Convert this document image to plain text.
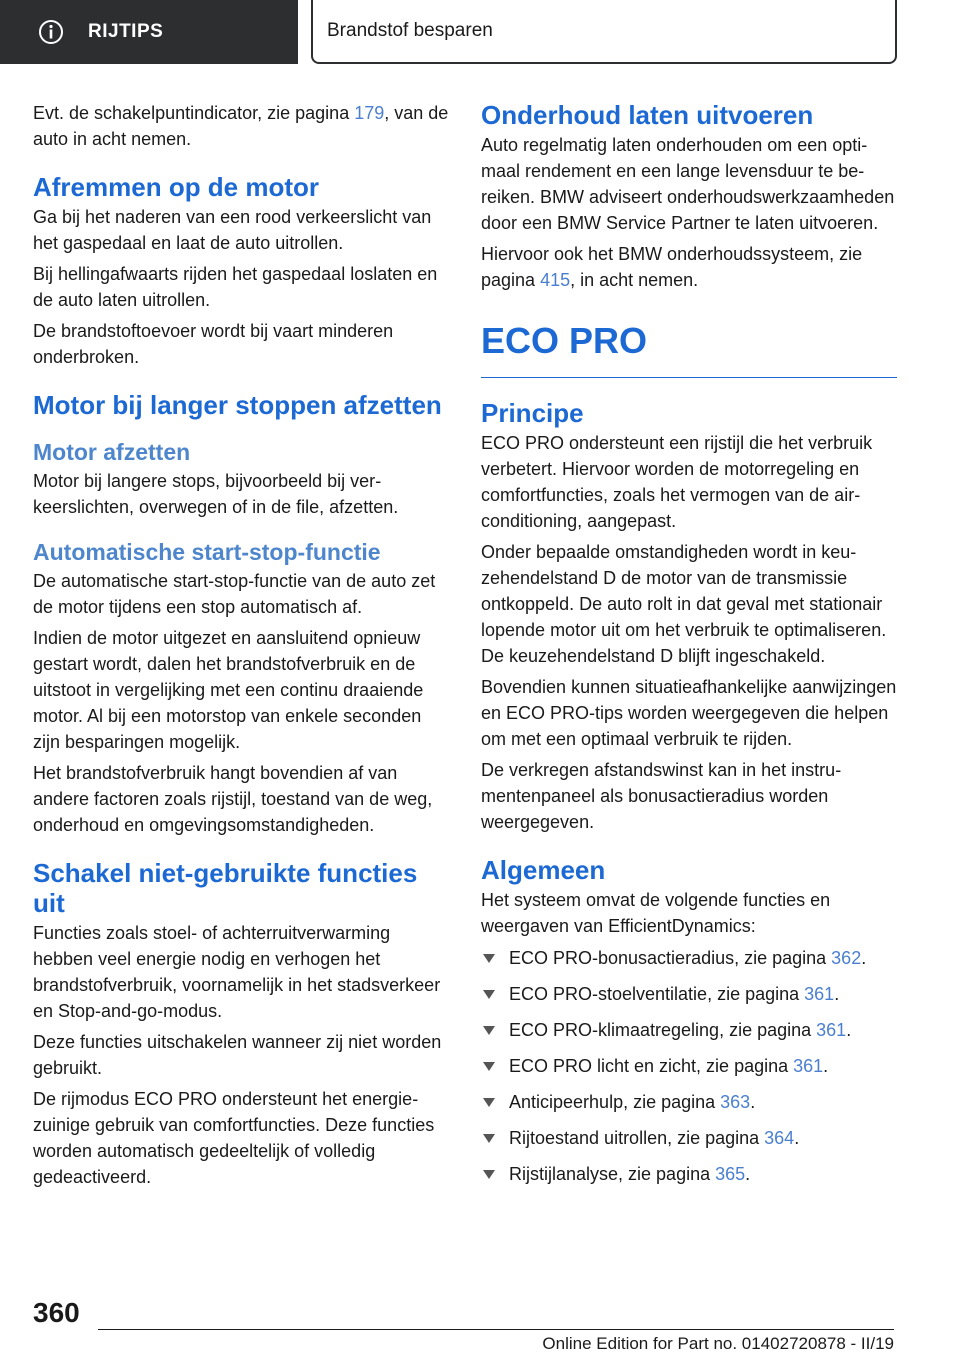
RIJTIPS	Brandstof besparen

Evt. de schakelpuntindicator, zie pagina 179, van de auto in acht nemen.

Afremmen op de motor

Ga bij het naderen van een rood verkeerslicht van het gaspedaal en laat de auto uitrollen.

Bij hellingafwaarts rijden het gaspedaal loslaten en de auto laten uitrollen.

De brandstoftoevoer wordt bij vaart minderen onderbroken.

Motor bij langer stoppen afzetten
Motor afzetten

Motor bij langere stops, bijvoorbeeld bij verkeerslichten, overwegen of in de file, afzetten.

Automatische start-stop-functie

De automatische start-stop-functie van de auto zet de motor tijdens een stop automatisch af.

Indien de motor uitgezet en aansluitend opnieuw gestart wordt, dalen het brandstofverbruik en de uitstoot in vergelijking met een continu draaiende motor. Al bij een motorstop van enkele seconden zijn besparingen mogelijk.

Het brandstofverbruik hangt bovendien af van andere factoren zoals rijstijl, toestand van de weg, onderhoud en omgevingsomstandigheden.

Schakel niet-gebruikte functies uit

Functies zoals stoel- of achterruitverwarming hebben veel energie nodig en verhogen het brandstofverbruik, voornamelijk in het stadsverkeer en Stop-and-go-modus.

Deze functies uitschakelen wanneer zij niet worden gebruikt.

De rijmodus ECO PRO ondersteunt het energiezuinige gebruik van comfortfuncties. Deze functies worden automatisch gedeeltelijk of volledig gedeactiveerd.

Onderhoud laten uitvoeren

Auto regelmatig laten onderhouden om een optimaal rendement en een lange levensduur te bereiken. BMW adviseert onderhoudswerkzaamheden door een BMW Service Partner te laten uitvoeren.

Hiervoor ook het BMW onderhoudssysteem, zie pagina 415, in acht nemen.

ECO PRO
Principe

ECO PRO ondersteunt een rijstijl die het verbruik verbetert. Hiervoor worden de motorregeling en comfortfuncties, zoals het vermogen van de airconditioning, aangepast.

Onder bepaalde omstandigheden wordt in keuzehendelstand D de motor van de transmissie ontkoppeld. De auto rolt in dat geval met stationair lopende motor uit om het verbruik te optimaliseren. De keuzehendelstand D blijft ingeschakeld.

Bovendien kunnen situatieafhankelijke aanwijzingen en ECO PRO-tips worden weergegeven die helpen om met een optimaal verbruik te rijden.

De verkregen afstandswinst kan in het instrumentenpaneel als bonusactieradius worden weergegeven.

Algemeen

Het systeem omvat de volgende functies en weergaven van EfficientDynamics:

ECO PRO-bonusactieradius, zie pagina 362.
ECO PRO-stoelventilatie, zie pagina 361.
ECO PRO-klimaatregeling, zie pagina 361.
ECO PRO licht en zicht, zie pagina 361.
Anticipeerhulp, zie pagina 363.
Rijtoestand uitrollen, zie pagina 364.
Rijstijlanalyse, zie pagina 365.
360
Online Edition for Part no. 01402720878 - II/19
